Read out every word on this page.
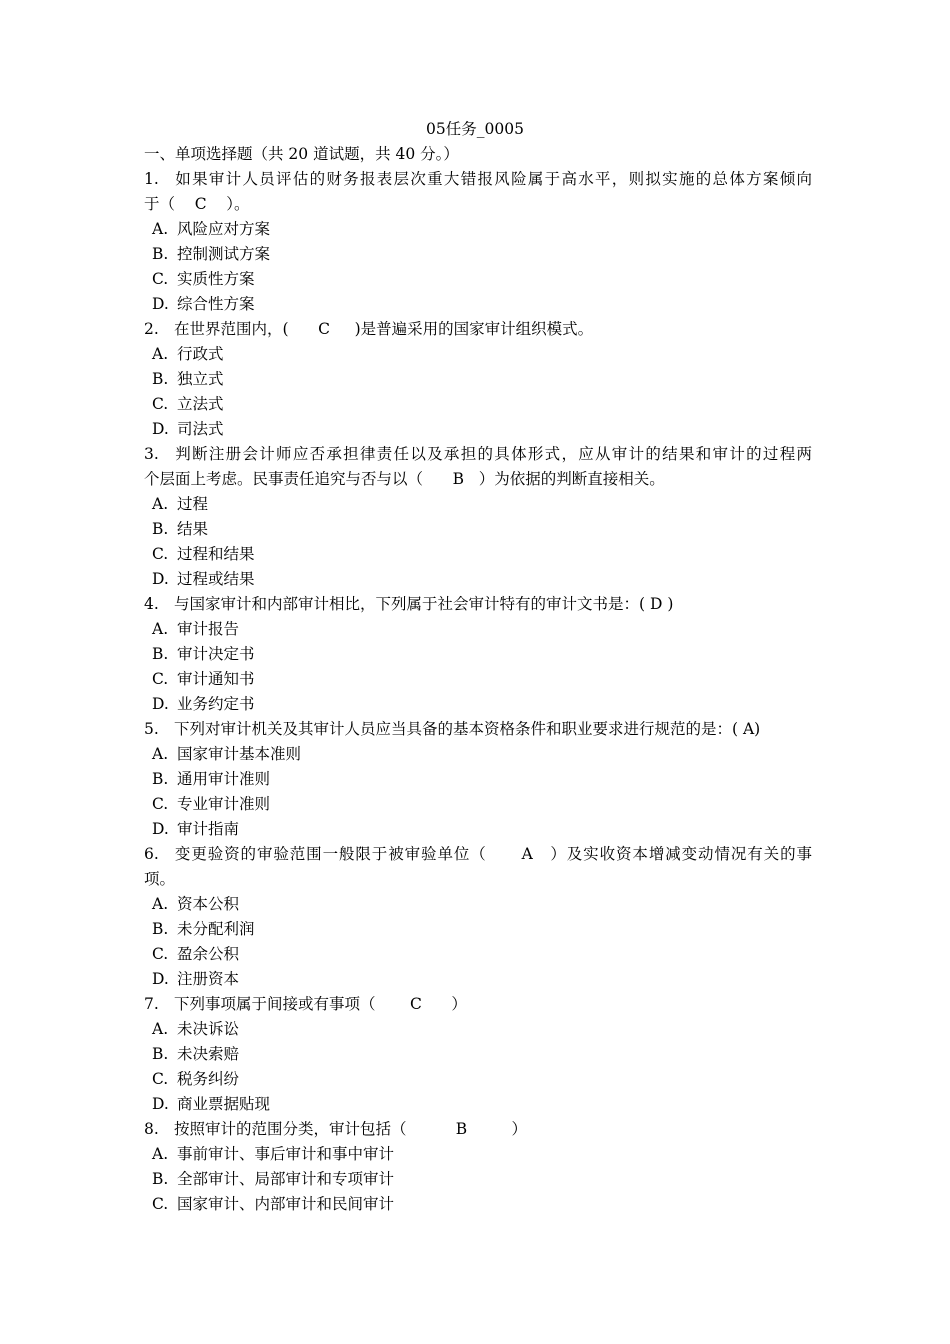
05任务_0005
一、单项选择题（共 20 道试题，共 40 分。）
1. 如果审计人员评估的财务报表层次重大错报风险属于高水平，则拟实施的总体方案倾向
于（    C    ）。
A. 风险应对方案
B. 控制测试方案
C. 实质性方案
D. 综合性方案
2. 在世界范围内，(      C     )是普遍采用的国家审计组织模式。
A. 行政式
B. 独立式
C. 立法式
D. 司法式
3. 判断注册会计师应否承担律责任以及承担的具体形式，应从审计的结果和审计的过程两
个层面上考虑。民事责任追究与否与以（      B   ）为依据的判断直接相关。
A. 过程
B. 结果
C. 过程和结果
D. 过程或结果
4. 与国家审计和内部审计相比，下列属于社会审计特有的审计文书是：( D )
A. 审计报告
B. 审计决定书
C. 审计通知书
D. 业务约定书
5. 下列对审计机关及其审计人员应当具备的基本资格条件和职业要求进行规范的是：( A)
A. 国家审计基本准则
B. 通用审计准则
C. 专业审计准则
D. 审计指南
6. 变更验资的审验范围一般限于被审验单位（      A   ）及实收资本增减变动情况有关的事
项。
A. 资本公积
B. 未分配利润
C. 盈余公积
D. 注册资本
7. 下列事项属于间接或有事项（       C      ）
A. 未决诉讼
B. 未决索赔
C. 税务纠纷
D. 商业票据贴现
8. 按照审计的范围分类，审计包括（          B         ）
A. 事前审计、事后审计和事中审计
B. 全部审计、局部审计和专项审计
C. 国家审计、内部审计和民间审计
